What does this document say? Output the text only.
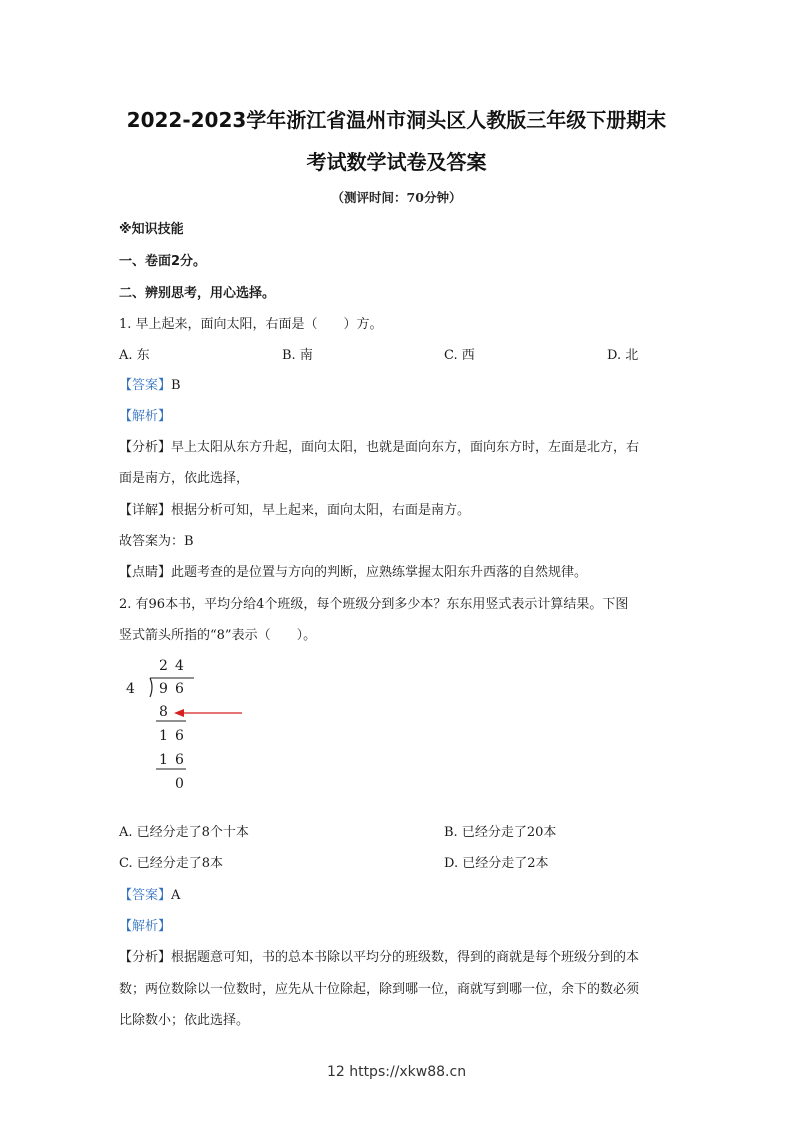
2022-2023学年浙江省温州市洞头区人教版三年级下册期末
考试数学试卷及答案
（测评时间：70分钟）
※知识技能
一、卷面2分。
二、辨别思考，用心选择。
1. 早上起来，面向太阳，右面是（　　）方。
A. 东	B. 南	C. 西	D. 北
【答案】B
【解析】
【分析】早上太阳从东方升起，面向太阳，也就是面向东方，面向东方时，左面是北方，右
面是南方，依此选择，
【详解】根据分析可知，早上起来，面向太阳，右面是南方。
故答案为：B
【点睛】此题考查的是位置与方向的判断，应熟练掌握太阳东升西落的自然规律。
2. 有96本书，平均分给4个班级，每个班级分到多少本？东东用竖式表示计算结果。下图
竖式箭头所指的“8”表示（　　）。
2 4
4 9 6
8
1 6
1 6
0
A. 已经分走了8个十本	B. 已经分走了20本
C. 已经分走了8本	D. 已经分走了2本
【答案】A
【解析】
【分析】根据题意可知，书的总本书除以平均分的班级数，得到的商就是每个班级分到的本
数；两位数除以一位数时，应先从十位除起，除到哪一位，商就写到哪一位，余下的数必须
比除数小；依此选择。
12 https://xkw88.cn
